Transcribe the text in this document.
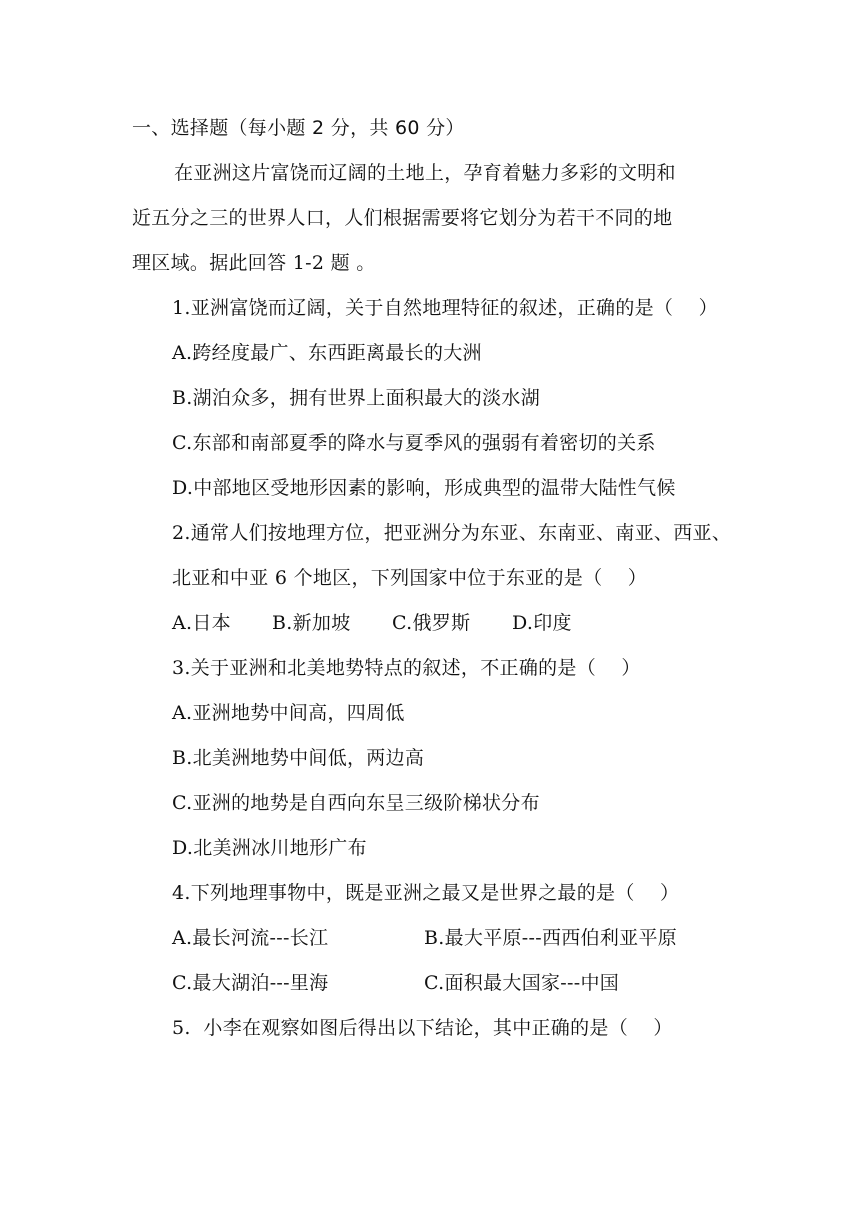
一、选择题（每小题 2 分，共 60 分）
在亚洲这片富饶而辽阔的土地上，孕育着魅力多彩的文明和
近五分之三的世界人口，人们根据需要将它划分为若干不同的地
理区域。据此回答 1-2 题 。
1.亚洲富饶而辽阔，关于自然地理特征的叙述，正确的是（    ）
A.跨经度最广、东西距离最长的大洲
B.湖泊众多，拥有世界上面积最大的淡水湖
C.东部和南部夏季的降水与夏季风的强弱有着密切的关系
D.中部地区受地形因素的影响，形成典型的温带大陆性气候
2.通常人们按地理方位，把亚洲分为东亚、东南亚、南亚、西亚、
北亚和中亚 6 个地区，下列国家中位于东亚的是（    ）
A.日本 B.新加坡 C.俄罗斯 D.印度
3.关于亚洲和北美地势特点的叙述，不正确的是（    ）
A.亚洲地势中间高，四周低
B.北美洲地势中间低，两边高
C.亚洲的地势是自西向东呈三级阶梯状分布
D.北美洲冰川地形广布
4.下列地理事物中，既是亚洲之最又是世界之最的是（    ）
A.最长河流---长江	B.最大平原---西西伯利亚平原
C.最大湖泊---里海	C.面积最大国家---中国
5.  小李在观察如图后得出以下结论，其中正确的是（    ）
